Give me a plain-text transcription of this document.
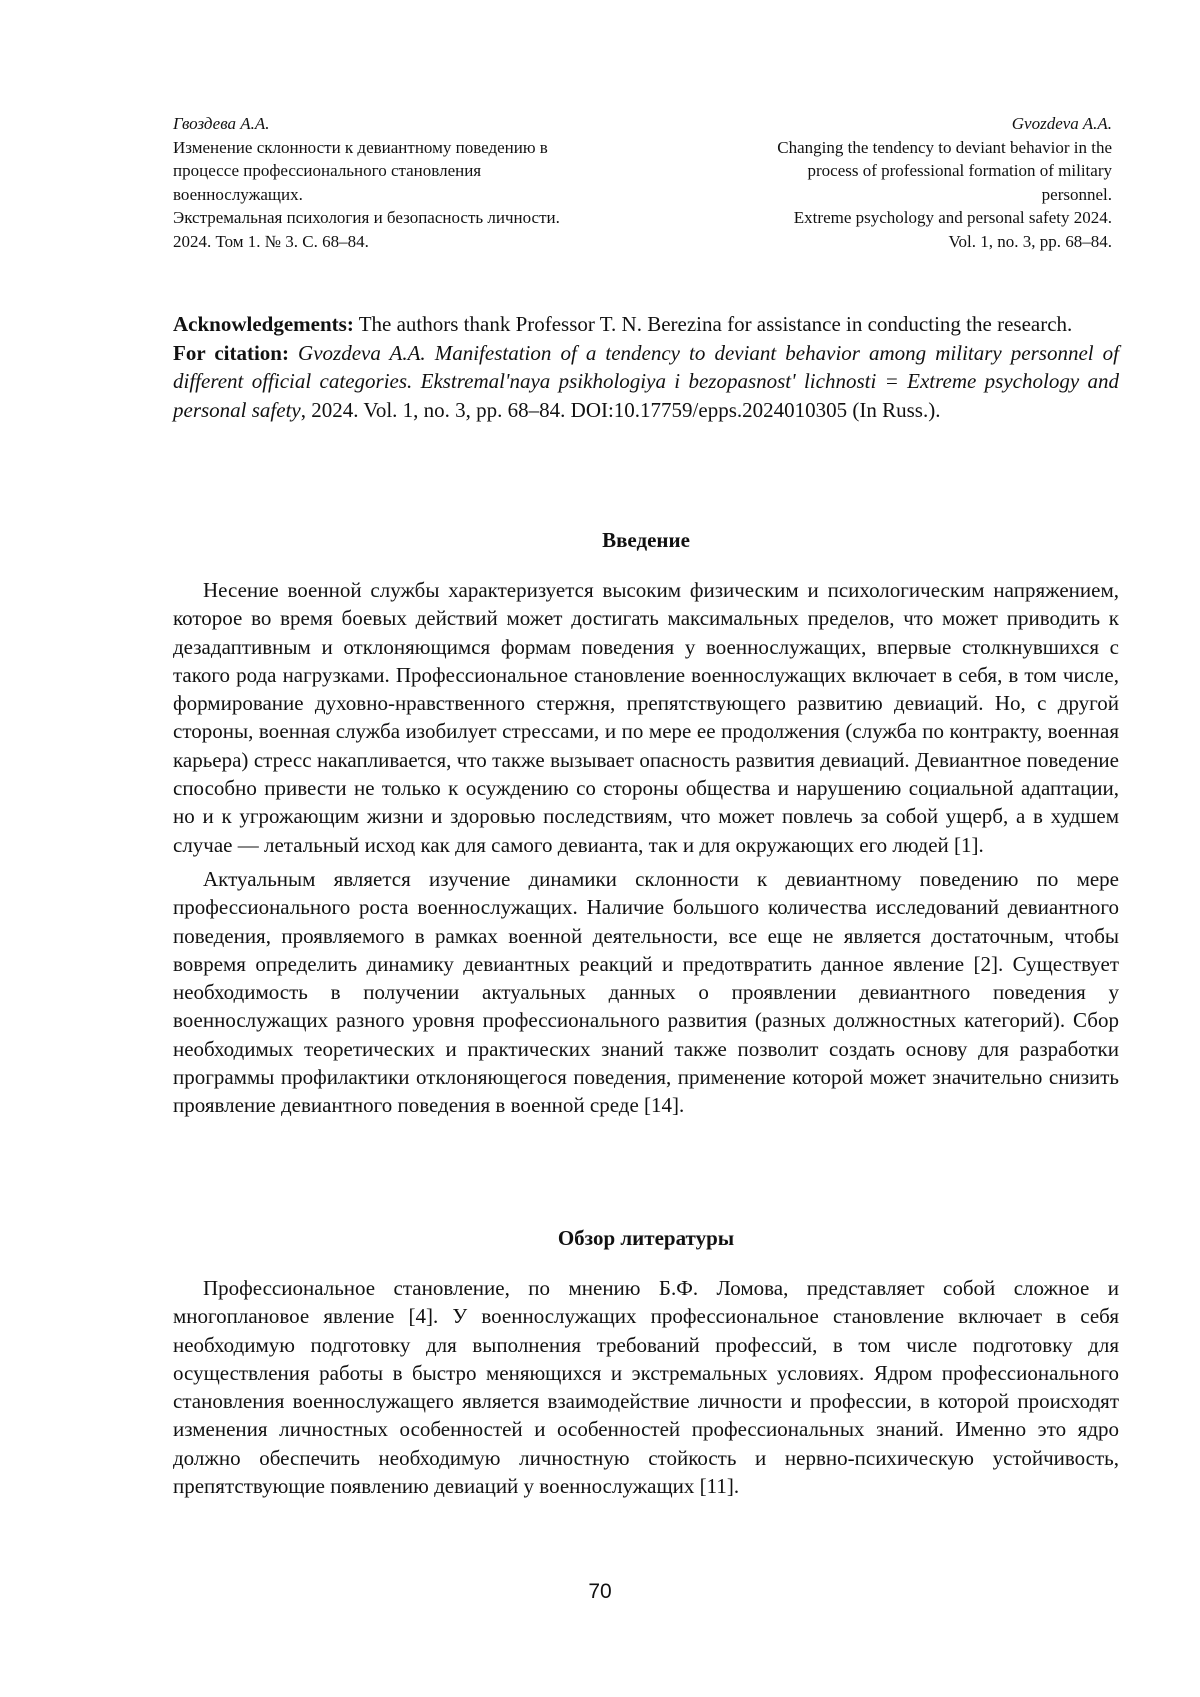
Гвоздева А.А.
Изменение склонности к девиантному поведению в
процессе профессионального становления
военнослужащих.
Экстремальная психология и безопасность личности.
2024. Том 1. № 3. С. 68–84.
Gvozdeva A.A.
Changing the tendency to deviant behavior in the
process of professional formation of military
personnel.
Extreme psychology and personal safety 2024.
Vol. 1, no. 3, pp. 68–84.

Acknowledgements: The authors thank Professor T. N. Berezina for assistance in conducting the research.

For citation: Gvozdeva A.A. Manifestation of a tendency to deviant behavior among military personnel of different official categories. Ekstremal'naya psikhologiya i bezopasnost' lichnosti = Extreme psychology and personal safety, 2024. Vol. 1, no. 3, pp. 68–84. DOI:10.17759/epps.2024010305 (In Russ.).

Введение

Несение военной службы характеризуется высоким физическим и психологическим напряжением, которое во время боевых действий может достигать максимальных пределов, что может приводить к дезадаптивным и отклоняющимся формам поведения у военнослужащих, впервые столкнувшихся с такого рода нагрузками. Профессиональное становление военнослужащих включает в себя, в том числе, формирование духовно-нравственного стержня, препятствующего развитию девиаций. Но, с другой стороны, военная служба изобилует стрессами, и по мере ее продолжения (служба по контракту, военная карьера) стресс накапливается, что также вызывает опасность развития девиаций. Девиантное поведение способно привести не только к осуждению со стороны общества и нарушению социальной адаптации, но и к угрожающим жизни и здоровью последствиям, что может повлечь за собой ущерб, а в худшем случае — летальный исход как для самого девианта, так и для окружающих его людей [1].

Актуальным является изучение динамики склонности к девиантному поведению по мере профессионального роста военнослужащих. Наличие большого количества исследований девиантного поведения, проявляемого в рамках военной деятельности, все еще не является достаточным, чтобы вовремя определить динамику девиантных реакций и предотвратить данное явление [2]. Существует необходимость в получении актуальных данных о проявлении девиантного поведения у военнослужащих разного уровня профессионального развития (разных должностных категорий). Сбор необходимых теоретических и практических знаний также позволит создать основу для разработки программы профилактики отклоняющегося поведения, применение которой может значительно снизить проявление девиантного поведения в военной среде [14].

Обзор литературы

Профессиональное становление, по мнению Б.Ф. Ломова, представляет собой сложное и многоплановое явление [4]. У военнослужащих профессиональное становление включает в себя необходимую подготовку для выполнения требований профессий, в том числе подготовку для осуществления работы в быстро меняющихся и экстремальных условиях. Ядром профессионального становления военнослужащего является взаимодействие личности и профессии, в которой происходят изменения личностных особенностей и особенностей профессиональных знаний. Именно это ядро должно обеспечить необходимую личностную стойкость и нервно-психическую устойчивость, препятствующие появлению девиаций у военнослужащих [11].

70
